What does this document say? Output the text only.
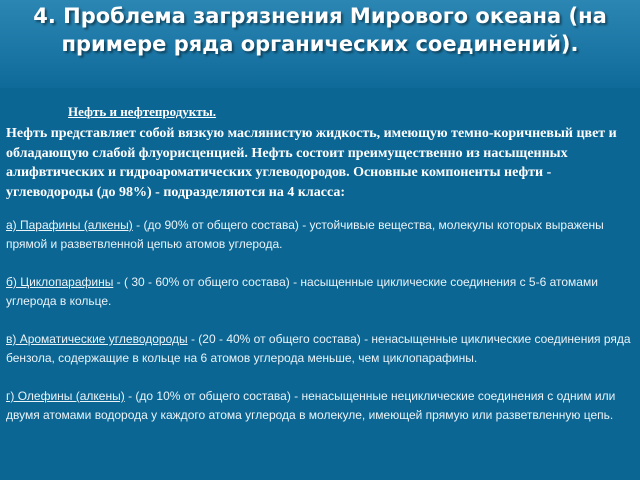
4. Проблема загрязнения Мирового океана (на примере ряда органических соединений).

Нефть и нефтепродукты.

Нефть представляет собой вязкую маслянистую жидкость, имеющую темно-коричневый цвет и обладающую слабой флуорисценцией. Нефть состоит преимущественно из насыщенных алифвтических и гидроароматических углеводородов. Основные компоненты нефти - углеводороды (до 98%) - подразделяются на 4 класса:

а) Парафины (алкены) - (до 90% от общего состава) - устойчивые вещества, молекулы которых выражены прямой и разветвленной цепью атомов углерода.

б) Циклопарафины - ( 30 - 60% от общего состава) - насыщенные циклические соединения с 5-6 атомами углерода в кольце.

в) Ароматические углеводороды - (20 - 40% от общего состава) - ненасыщенные циклические соединения ряда бензола, содержащие в кольце на 6 атомов углерода меньше, чем циклопарафины.

г) Олефины (алкены) - (до 10% от общего состава) - ненасыщенные нециклические соединения с одним или двумя атомами водорода у каждого атома углерода в молекуле, имеющей прямую или разветвленную цепь.
